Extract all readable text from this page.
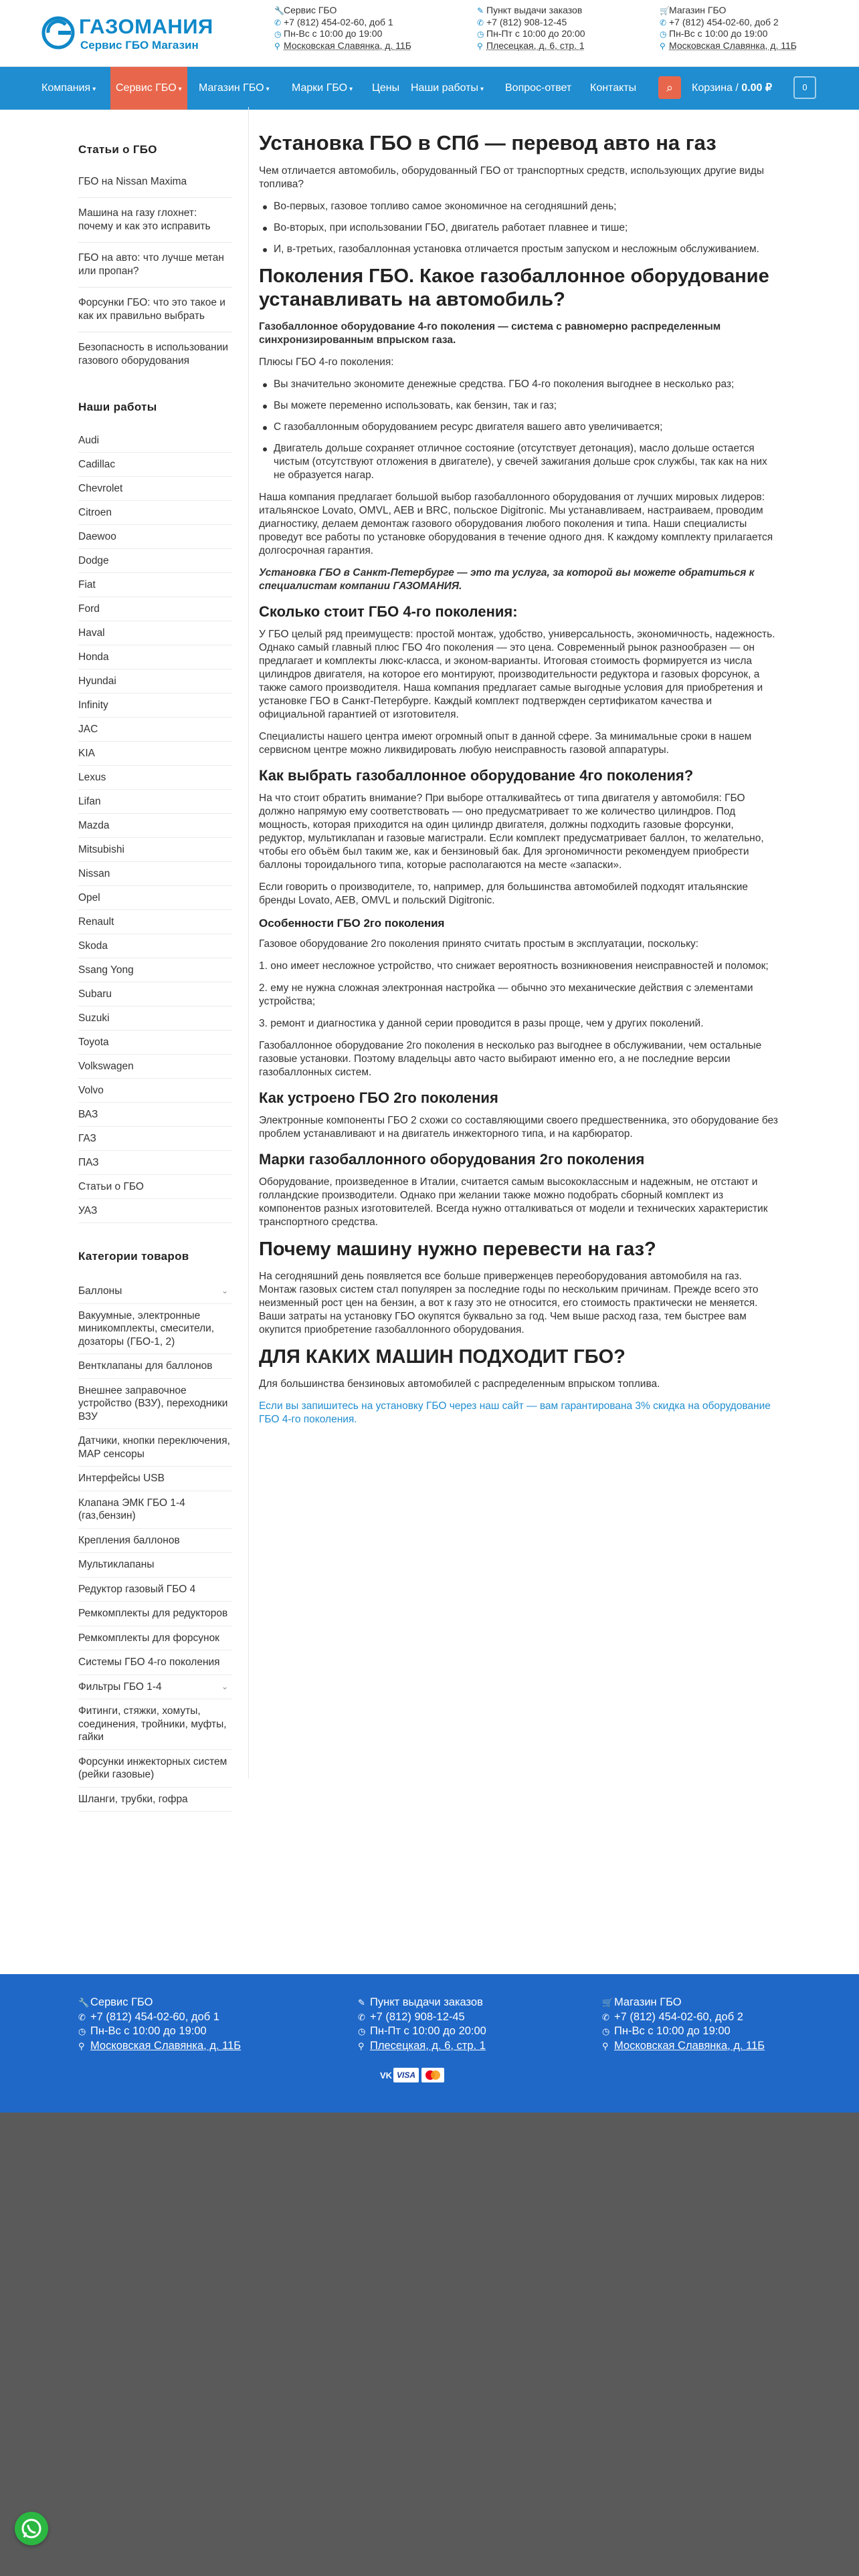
ГАЗОМАНИЯ
Сервис ГБО Магазин
🔧Сервис ГБО
✆ +7 (812) 454-02-60, доб 1
◷ Пн-Вс с 10:00 до 19:00
⚲ Московская Славянка, д. 11Б
✎ Пункт выдачи заказов
✆ +7 (812) 908-12-45
◷ Пн-Пт с 10:00 до 20:00
⚲ Плесецкая, д. 6, стр. 1
🛒Магазин ГБО
✆ +7 (812) 454-02-60, доб 2
◷ Пн-Вс с 10:00 до 19:00
⚲ Московская Славянка, д. 11Б
Компания ▾	Сервис ГБО ▾	Магазин ГБО ▾ Марки ГБО ▾ Цены Наши работы ▾ Вопрос-ответ Контакты	⌕	Корзина / 0.00 ₽	0
Статьи о ГБО
ГБО на Nissan Maxima
Машина на газу глохнет: почему и как это исправить
ГБО на авто: что лучше метан или пропан?
Форсунки ГБО: что это такое и как их правильно выбрать
Безопасность в использовании газового оборудования
Наши работы
Audi
Cadillac
Chevrolet
Citroen
Daewoo
Dodge
Fiat
Ford
Haval
Honda
Hyundai
Infinity
JAC
KIA
Lexus
Lifan
Mazda
Mitsubishi
Nissan
Opel
Renault
Skoda
Ssang Yong
Subaru
Suzuki
Toyota
Volkswagen
Volvo
ВАЗ
ГАЗ
ПАЗ
Статьи о ГБО
УАЗ
Категории товаров
Баллоны	⌄
Вакуумные, электронные миникомплекты, смесители, дозаторы (ГБО-1, 2)
Вентклапаны для баллонов
Внешнее заправочное устройство (ВЗУ), переходники ВЗУ
Датчики, кнопки переключения, MAP сенсоры
Интерфейсы USB
Клапана ЭМК ГБО 1-4 (газ,бензин)
Крепления баллонов
Мультиклапаны
Редуктор газовый ГБО 4
Ремкомплекты для редукторов
Ремкомплекты для форсунок
Системы ГБО 4-го поколения
Фильтры ГБО 1-4	⌄
Фитинги, стяжки, хомуты, соединения, тройники, муфты, гайки
Форсунки инжекторных систем (рейки газовые)
Шланги, трубки, гофра
Установка ГБО в СПб — перевод авто на газ

Чем отличается автомобиль, оборудованный ГБО от транспортных средств, использующих другие виды топлива?

Во-первых, газовое топливо самое экономичное на сегодняшний день;
Во-вторых, при использовании ГБО, двигатель работает плавнее и тише;
И, в-третьих, газобаллонная установка отличается простым запуском и несложным обслуживанием.
Поколения ГБО. Какое газобаллонное оборудование устанавливать на автомобиль?

Газобаллонное оборудование 4-го поколения — система с равномерно распределенным синхронизированным впрыском газа.

Плюсы ГБО 4-го поколения:

Вы значительно экономите денежные средства. ГБО 4-го поколения выгоднее в несколько раз;
Вы можете переменно использовать, как бензин, так и газ;
С газобаллонным оборудованием ресурс двигателя вашего авто увеличивается;
Двигатель дольше сохраняет отличное состояние (отсутствует детонация), масло дольше остается чистым (отсутствуют отложения в двигателе), у свечей зажигания дольше срок службы, так как на них не образуется нагар.

Наша компания предлагает большой выбор газобаллонного оборудования от лучших мировых лидеров: итальянское Lovato, OMVL, AEB и BRC, польское Digitronic. Мы устанавливаем, настраиваем, проводим диагностику, делаем демонтаж газового оборудования любого поколения и типа. Наши специалисты проведут все работы по установке оборудования в течение одного дня. К каждому комплекту прилагается долгосрочная гарантия.

Установка ГБО в Санкт-Петербурге — это та услуга, за которой вы можете обратиться к специалистам компании ГАЗОМАНИЯ.

Сколько стоит ГБО 4-го поколения:

У ГБО целый ряд преимуществ: простой монтаж, удобство, универсальность, экономичность, надежность. Однако самый главный плюс ГБО 4го поколения — это цена. Современный рынок разнообразен — он предлагает и комплекты люкс-класса, и эконом-варианты. Итоговая стоимость формируется из числа цилиндров двигателя, на которое его монтируют, производительности редуктора и газовых форсунок, а также самого производителя. Наша компания предлагает самые выгодные условия для приобретения и установке ГБО в Санкт-Петербурге. Каждый комплект подтвержден сертификатом качества и официальной гарантией от изготовителя.

Специалисты нашего центра имеют огромный опыт в данной сфере. За минимальные сроки в нашем сервисном центре можно ликвидировать любую неисправность газовой аппаратуры.

Как выбрать газобаллонное оборудование 4го поколения?

На что стоит обратить внимание? При выборе отталкивайтесь от типа двигателя у автомобиля: ГБО должно напрямую ему соответствовать — оно предусматривает то же количество цилиндров. Под мощность, которая приходится на один цилиндр двигателя, должны подходить газовые форсунки, редуктор, мультиклапан и газовые магистрали. Если комплект предусматривает баллон, то желательно, чтобы его объём был таким же, как и бензиновый бак. Для эргономичности рекомендуем приобрести баллоны тороидального типа, которые располагаются на месте «запаски».

Если говорить о производителе, то, например, для большинства автомобилей подходят итальянские бренды Lovato, AEB, OMVL и польский Digitronic.

Особенности ГБО 2го поколения

Газовое оборудование 2го поколения принято считать простым в эксплуатации, поскольку:

1. оно имеет несложное устройство, что снижает вероятность возникновения неисправностей и поломок;

2. ему не нужна сложная электронная настройка — обычно это механические действия с элементами устройства;

3. ремонт и диагностика у данной серии проводится в разы проще, чем у других поколений.

Газобаллонное оборудование 2го поколения в несколько раз выгоднее в обслуживании, чем остальные газовые установки. Поэтому владельцы авто часто выбирают именно его, а не последние версии газобаллонных систем.

Как устроено ГБО 2го поколения

Электронные компоненты ГБО 2 схожи со составляющими своего предшественника, это оборудование без проблем устанавливают и на двигатель инжекторного типа, и на карбюратор.

Марки газобаллонного оборудования 2го поколения

Оборудование, произведенное в Италии, считается самым высококлассным и надежным, не отстают и голландские производители. Однако при желании также можно подобрать сборный комплект из компонентов разных изготовителей. Всегда нужно отталкиваться от модели и технических характеристик транспортного средства.

Почему машину нужно перевести на газ?

На сегодняшний день появляется все больше приверженцев переоборудования автомобиля на газ. Монтаж газовых систем стал популярен за последние годы по нескольким причинам. Прежде всего это неизменный рост цен на бензин, а вот к газу это не относится, его стоимость практически не меняется. Ваши затраты на установку ГБО окупятся буквально за год. Чем выше расход газа, тем быстрее вам окупится приобретение газобаллонного оборудования.

ДЛЯ КАКИХ МАШИН ПОДХОДИТ ГБО?

Для большинства бензиновых автомобилей с распределенным впрыском топлива.

Если вы запишитесь на установку ГБО через наш сайт — вам гарантирована 3% скидка на оборудование ГБО 4-го поколения.

🔧 Сервис ГБО
✆ +7 (812) 454-02-60, доб 1
◷ Пн-Вс с 10:00 до 19:00
⚲ Московская Славянка, д. 11Б
✎ Пункт выдачи заказов
✆ +7 (812) 908-12-45
◷ Пн-Пт с 10:00 до 20:00
⚲ Плесецкая, д. 6, стр. 1
🛒 Магазин ГБО
✆ +7 (812) 454-02-60, доб 2
◷ Пн-Вс с 10:00 до 19:00
⚲ Московская Славянка, д. 11Б
VK VISA
